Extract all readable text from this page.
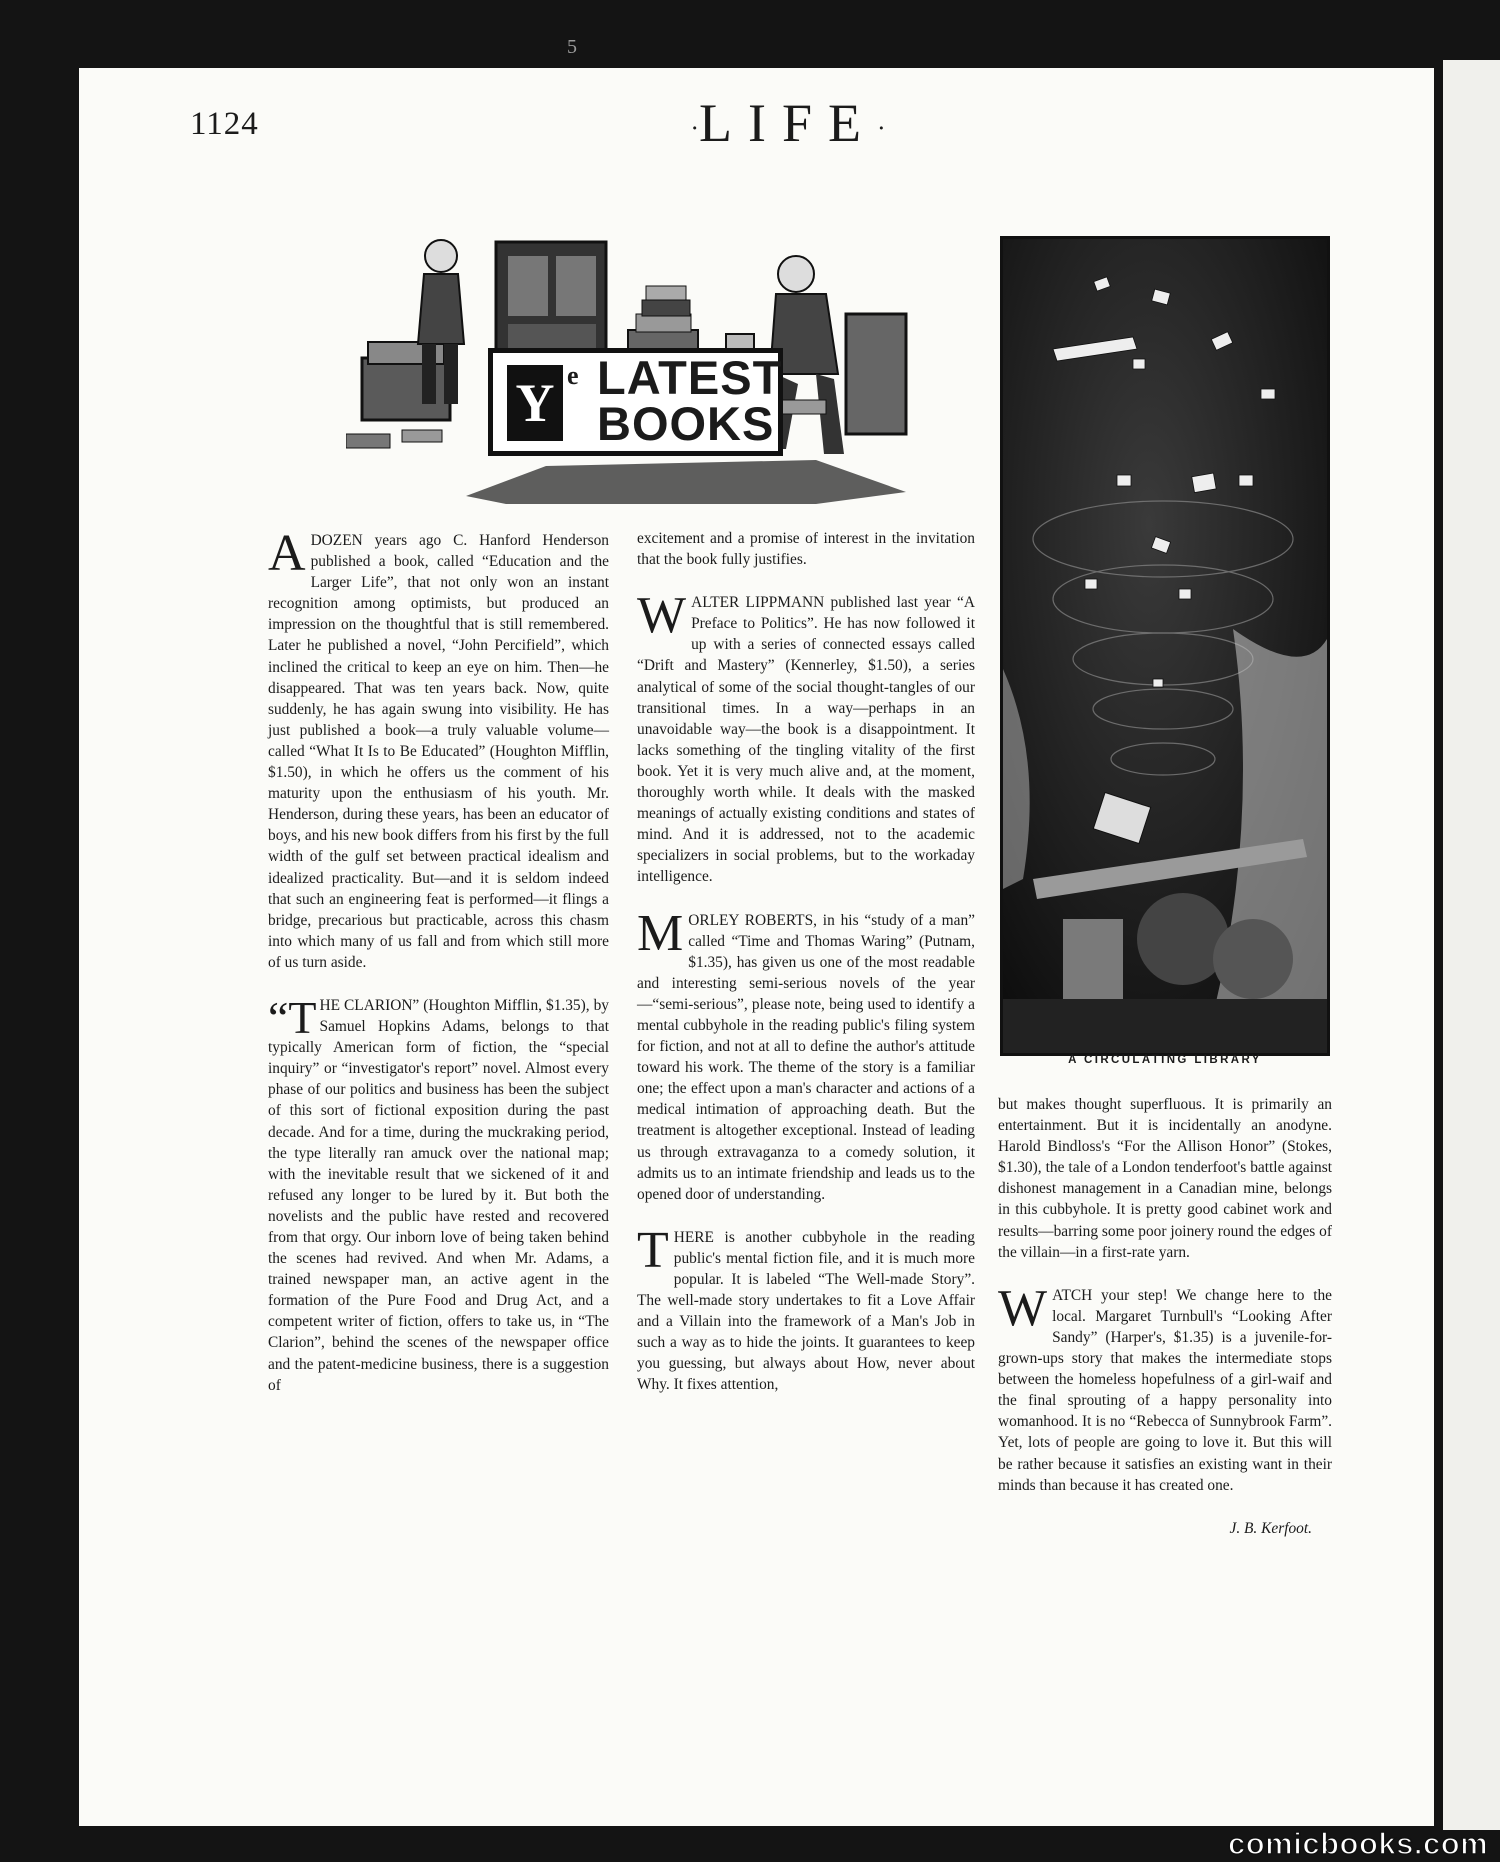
5
1124	·LIFE·
Y e LATEST
BOOKS
A CIRCULATING LIBRARY

ADOZEN years ago C. Hanford Henderson published a book, called “Education and the Larger Life”, that not only won an instant recognition among optimists, but produced an impression on the thoughtful that is still remembered. Later he published a novel, “John Percifield”, which inclined the critical to keep an eye on him. Then—he disappeared. That was ten years back. Now, quite suddenly, he has again swung into visibility. He has just published a book—a truly valuable volume—called “What It Is to Be Educated” (Houghton Mifflin, $1.50), in which he offers us the comment of his maturity upon the enthusiasm of his youth. Mr. Henderson, during these years, has been an educator of boys, and his new book differs from his first by the full width of the gulf set between practical idealism and idealized practicality. But—and it is seldom indeed that such an engineering feat is performed—it flings a bridge, precarious but practicable, across this chasm into which many of us fall and from which still more of us turn aside.

“THE CLARION” (Houghton Mifflin, $1.35), by Samuel Hopkins Adams, belongs to that typically American form of fiction, the “special inquiry” or “investigator's report” novel. Almost every phase of our politics and business has been the subject of this sort of fictional exposition during the past decade. And for a time, during the muckraking period, the type literally ran amuck over the national map; with the inevitable result that we sickened of it and refused any longer to be lured by it. But both the novelists and the public have rested and recovered from that orgy. Our inborn love of being taken behind the scenes had revived. And when Mr. Adams, a trained newspaper man, an active agent in the formation of the Pure Food and Drug Act, and a competent writer of fiction, offers to take us, in “The Clarion”, behind the scenes of the newspaper office and the patent-medicine business, there is a suggestion of

excitement and a promise of interest in the invitation that the book fully justifies.

WALTER LIPPMANN published last year “A Preface to Politics”. He has now followed it up with a series of connected essays called “Drift and Mastery” (Kennerley, $1.50), a series analytical of some of the social thought-tangles of our transitional times. In a way—perhaps in an unavoidable way—the book is a disappointment. It lacks something of the tingling vitality of the first book. Yet it is very much alive and, at the moment, thoroughly worth while. It deals with the masked meanings of actually existing conditions and states of mind. And it is addressed, not to the academic specializers in social problems, but to the workaday intelligence.

MORLEY ROBERTS, in his “study of a man” called “Time and Thomas Waring” (Putnam, $1.35), has given us one of the most readable and interesting semi-serious novels of the year—“semi-serious”, please note, being used to identify a mental cubbyhole in the reading public's filing system for fiction, and not at all to define the author's attitude toward his work. The theme of the story is a familiar one; the effect upon a man's character and actions of a medical intimation of approaching death. But the treatment is altogether exceptional. Instead of leading us through extravaganza to a comedy solution, it admits us to an intimate friendship and leads us to the opened door of understanding.

THERE is another cubbyhole in the reading public's mental fiction file, and it is much more popular. It is labeled “The Well-made Story”. The well-made story undertakes to fit a Love Affair and a Villain into the framework of a Man's Job in such a way as to hide the joints. It guarantees to keep you guessing, but always about How, never about Why. It fixes attention,

but makes thought superfluous. It is primarily an entertainment. But it is incidentally an anodyne. Harold Bindloss's “For the Allison Honor” (Stokes, $1.30), the tale of a London tenderfoot's battle against dishonest management in a Canadian mine, belongs in this cubbyhole. It is pretty good cabinet work and results—barring some poor joinery round the edges of the villain—in a first-rate yarn.

WATCH your step! We change here to the local. Margaret Turnbull's “Looking After Sandy” (Harper's, $1.35) is a juvenile-for-grown-ups story that makes the intermediate stops between the homeless hopefulness of a girl-waif and the final sprouting of a happy personality into womanhood. It is no “Rebecca of Sunnybrook Farm”. Yet, lots of people are going to love it. But this will be rather because it satisfies an existing want in their minds than because it has created one.

J. B. Kerfoot.

comicbooks.com
